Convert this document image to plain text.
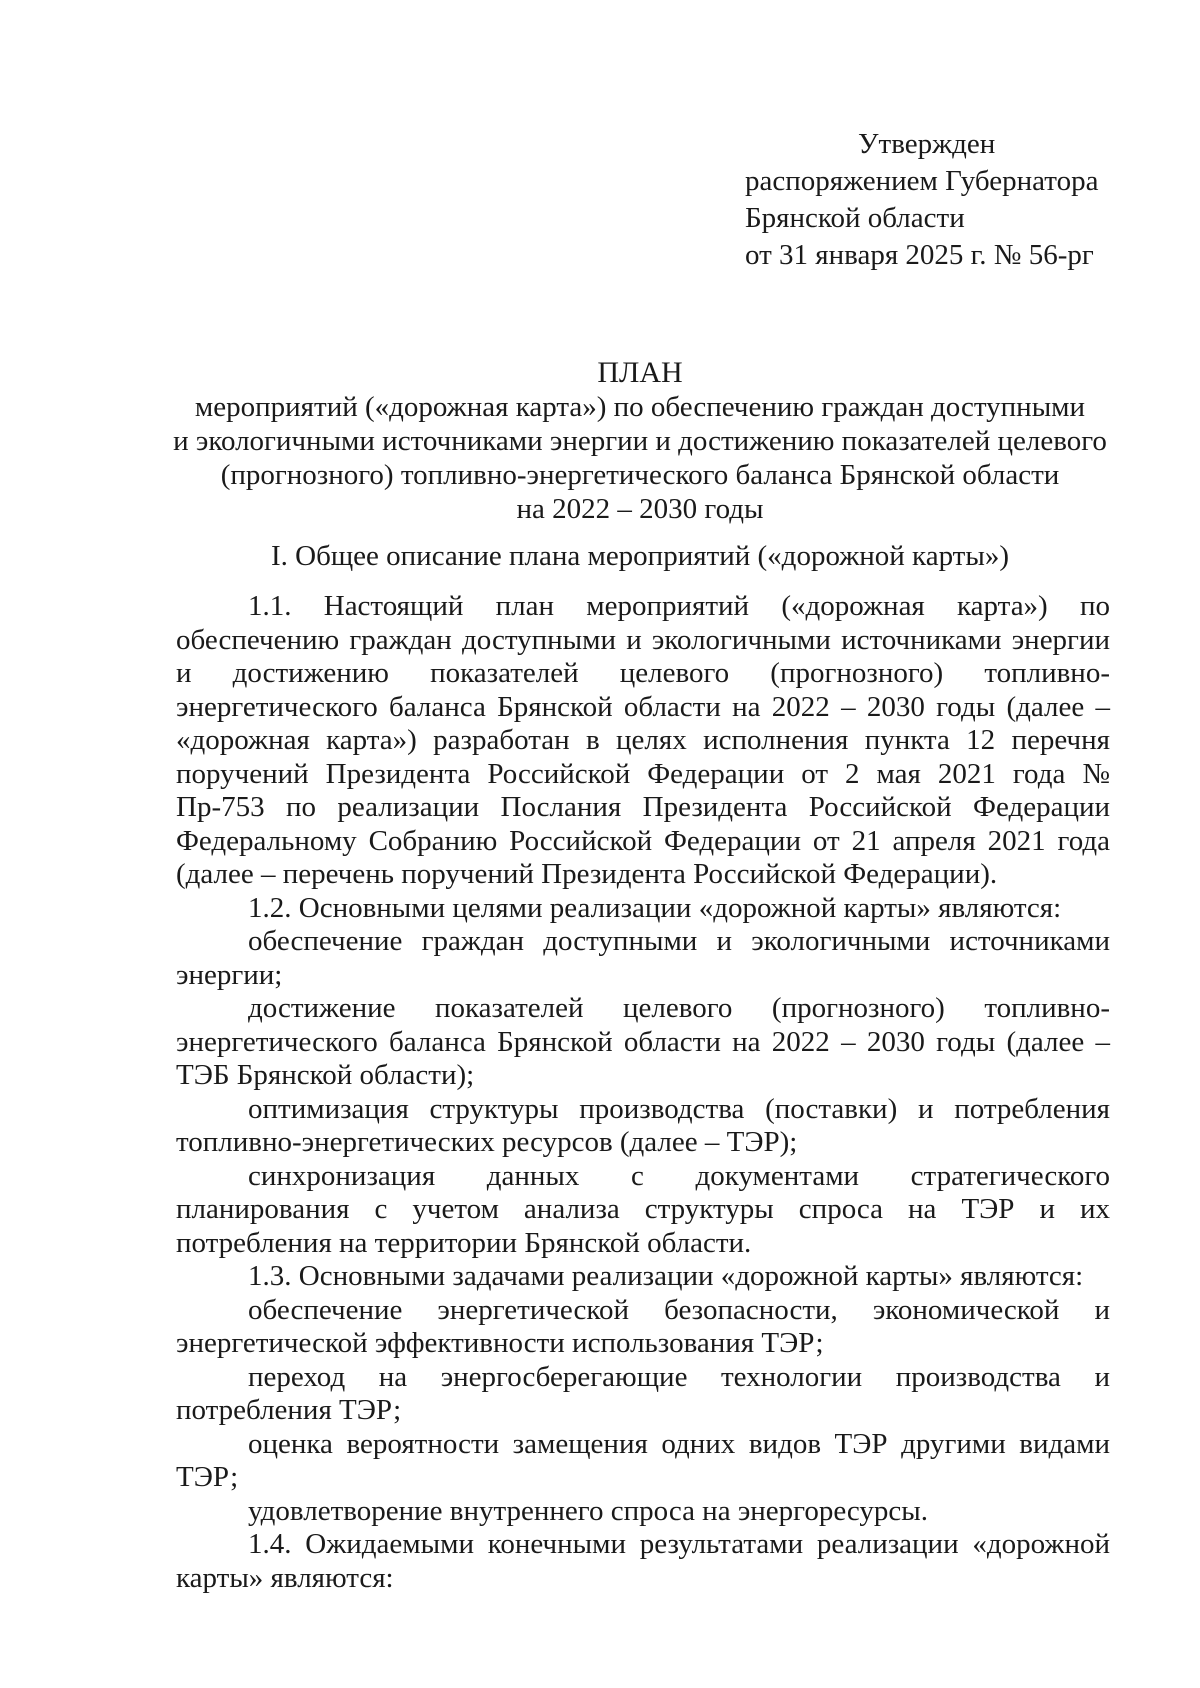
Утвержден
распоряжением Губернатора
Брянской области
от 31 января 2025 г. № 56-рг
ПЛАН
мероприятий («дорожная карта») по обеспечению граждан доступными
и экологичными источниками энергии и достижению показателей целевого
(прогнозного) топливно-энергетического баланса Брянской области
на 2022 – 2030 годы
I. Общее описание плана мероприятий («дорожной карты»)

1.1. Настоящий план мероприятий («дорожная карта») по обеспечению граждан доступными и экологичными источниками энергии и достижению показателей целевого (прогнозного) топливно-энергетического баланса Брянской области на 2022 – 2030 годы (далее – «дорожная карта») разработан в целях исполнения пункта 12 перечня поручений Президента Российской Федерации от 2 мая 2021 года № Пр-753 по реализации Послания Президента Российской Федерации Федеральному Собранию Российской Федерации от 21 апреля 2021 года (далее – перечень поручений Президента Российской Федерации).

1.2. Основными целями реализации «дорожной карты» являются:

обеспечение граждан доступными и экологичными источниками энергии;

достижение показателей целевого (прогнозного) топливно-энергетического баланса Брянской области на 2022 – 2030 годы (далее – ТЭБ Брянской области);

оптимизация структуры производства (поставки) и потребления топливно-энергетических ресурсов (далее – ТЭР);

синхронизация данных с документами стратегического планирования с учетом анализа структуры спроса на ТЭР и их потребления на территории Брянской области.

1.3. Основными задачами реализации «дорожной карты» являются:

обеспечение энергетической безопасности, экономической и энергетической эффективности использования ТЭР;

переход на энергосберегающие технологии производства и потребления ТЭР;

оценка вероятности замещения одних видов ТЭР другими видами ТЭР;

удовлетворение внутреннего спроса на энергоресурсы.

1.4. Ожидаемыми конечными результатами реализации «дорожной карты» являются:
